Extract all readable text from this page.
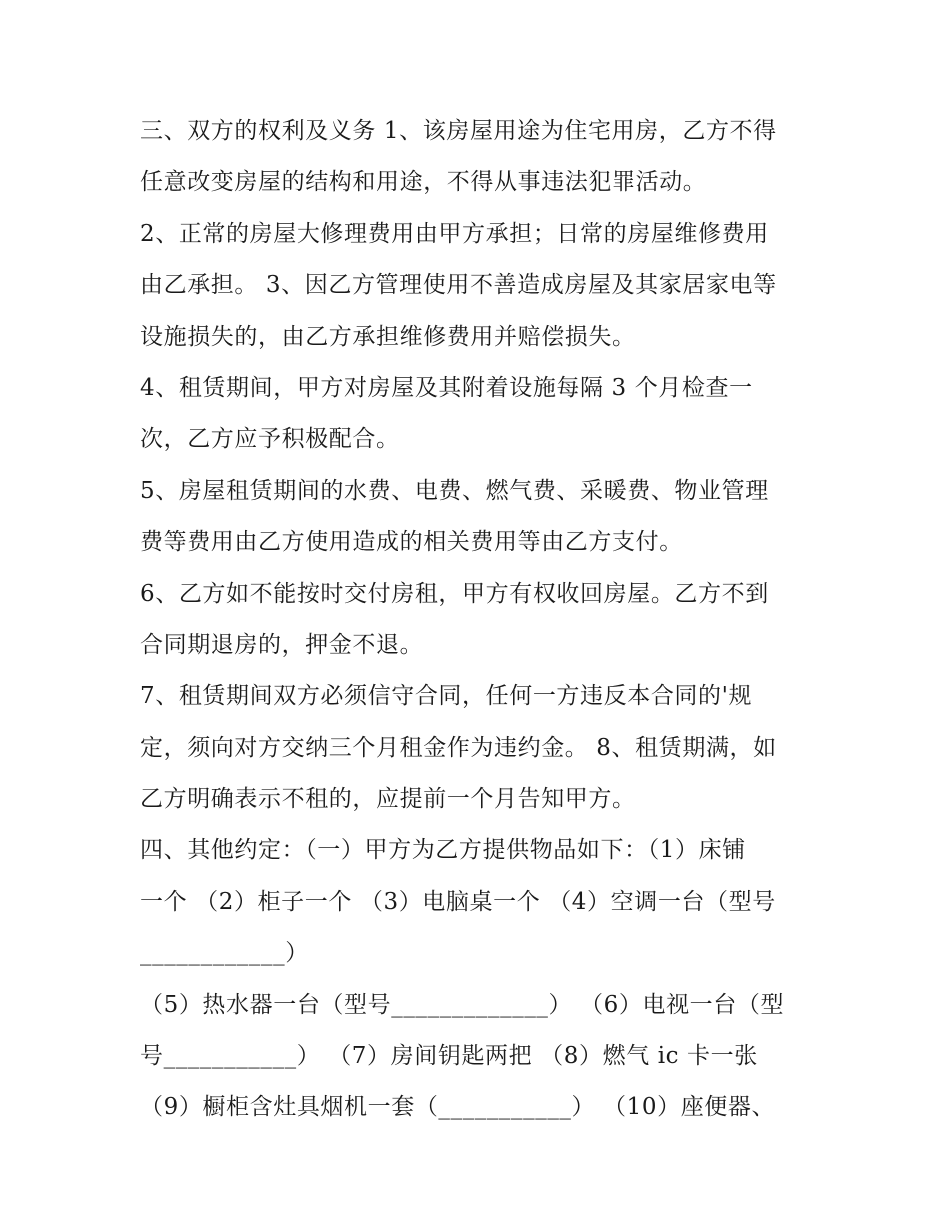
三、双方的权利及义务 1、该房屋用途为住宅用房，乙方不得
任意改变房屋的结构和用途，不得从事违法犯罪活动。
2、正常的房屋大修理费用由甲方承担；日常的房屋维修费用
由乙承担。 3、因乙方管理使用不善造成房屋及其家居家电等
设施损失的，由乙方承担维修费用并赔偿损失。
4、租赁期间，甲方对房屋及其附着设施每隔 3 个月检查一
次，乙方应予积极配合。
5、房屋租赁期间的水费、电费、燃气费、采暖费、物业管理
费等费用由乙方使用造成的相关费用等由乙方支付。
6、乙方如不能按时交付房租，甲方有权收回房屋。乙方不到
合同期退房的，押金不退。
7、租赁期间双方必须信守合同，任何一方违反本合同的'规
定，须向对方交纳三个月租金作为违约金。 8、租赁期满，如
乙方明确表示不租的，应提前一个月告知甲方。
四、其他约定：（一）甲方为乙方提供物品如下：（1）床铺
一个 （2）柜子一个 （3）电脑桌一个 （4）空调一台（型号
____________）
（5）热水器一台（型号_____________） （6）电视一台（型
号___________） （7）房间钥匙两把 （8）燃气 ic 卡一张
（9）橱柜含灶具烟机一套（___________） （10）座便器、
